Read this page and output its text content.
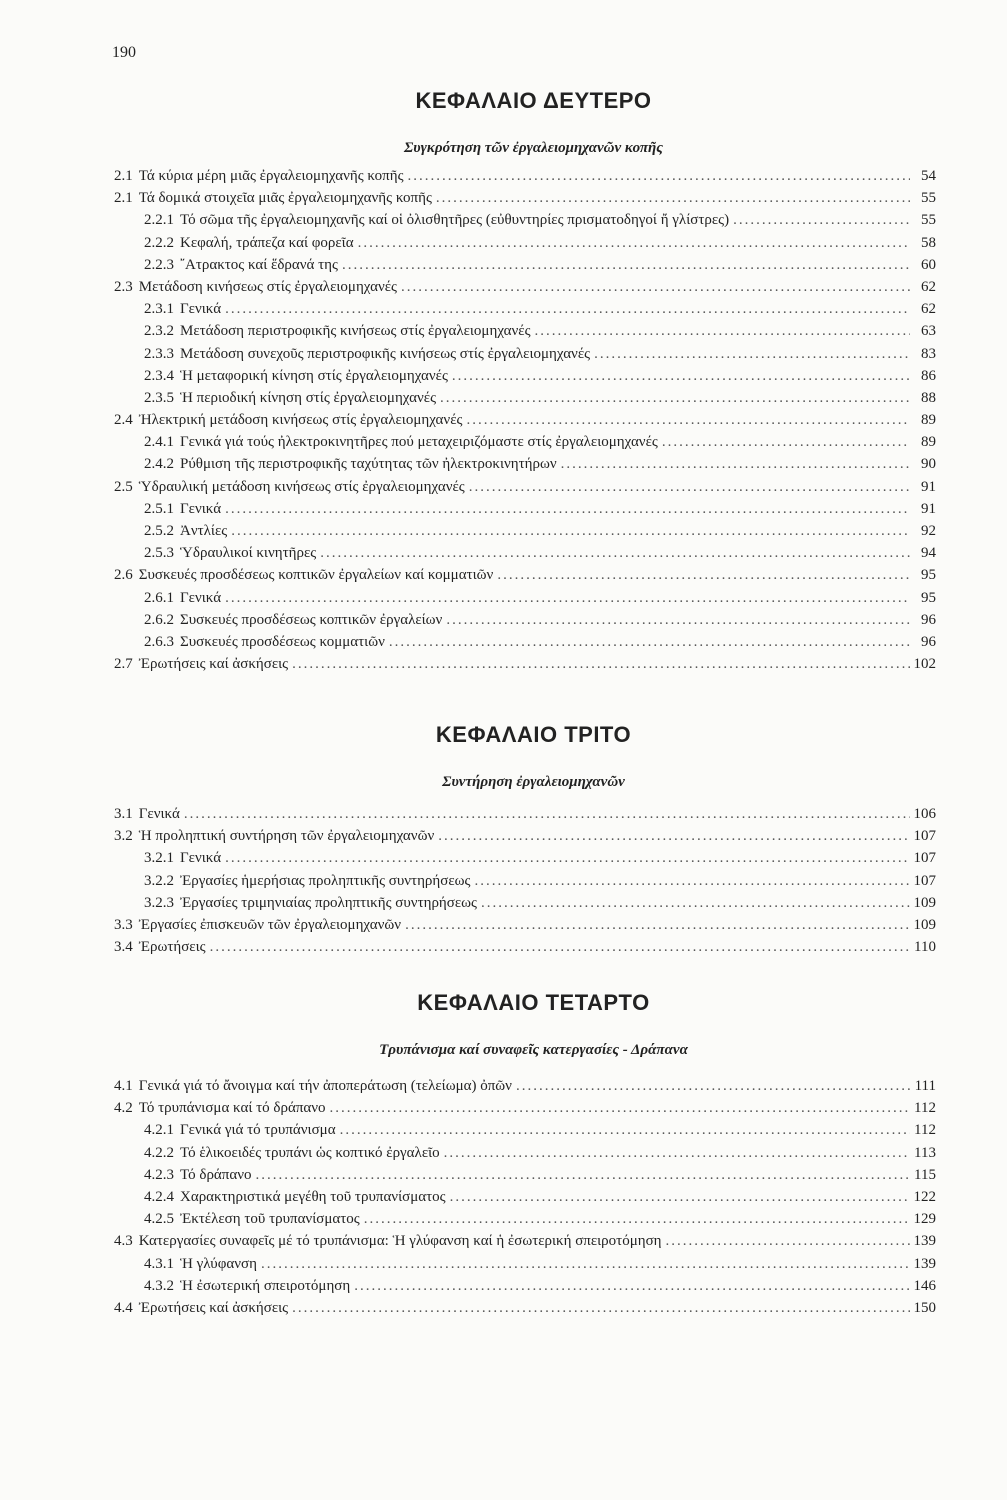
190
ΚΕΦΑΛΑΙΟ ΔΕΥΤΕΡΟ
Συγκρότηση τῶν ἐργαλειομηχανῶν κοπῆς
2.1 Τά κύρια μέρη μιᾶς ἐργαλειομηχανῆς κοπῆς .....	54
2.1 Τά δομικά στοιχεῖα μιᾶς ἐργαλειομηχανῆς κοπῆς .....	55
2.2.1 Τό σῶμα τῆς ἐργαλειομηχανῆς καί οἱ ὀλισθητῆρες (εὐθυντηρίες πρισματοδηγοί ἤ γλίστρες) .....	55
2.2.2 Κεφαλή, τράπεζα καί φορεῖα .....	58
2.2.3 ῎Ατρακτος καί ἕδρανά της .....	60
2.3 Μετάδοση κινήσεως στίς ἐργαλειομηχανές .....	62
2.3.1 Γενικά .....	62
2.3.2 Μετάδοση περιστροφικῆς κινήσεως στίς ἐργαλειομηχανές .....	63
2.3.3 Μετάδοση συνεχοῦς περιστροφικῆς κινήσεως στίς ἐργαλειομηχανές .....	83
2.3.4 Ἡ μεταφορική κίνηση στίς ἐργαλειομηχανές .....	86
2.3.5 Ἡ περιοδική κίνηση στίς ἐργαλειομηχανές .....	88
2.4 Ἠλεκτρική μετάδοση κινήσεως στίς ἐργαλειομηχανές .....	89
2.4.1 Γενικά γιά τούς ἠλεκτροκινητῆρες πού μεταχειριζόμαστε στίς ἐργαλειομηχανές .....	89
2.4.2 Ρύθμιση τῆς περιστροφικῆς ταχύτητας τῶν ἠλεκτροκινητήρων .....	90
2.5 Ὑδραυλική μετάδοση κινήσεως στίς ἐργαλειομηχανές .....	91
2.5.1 Γενικά .....	91
2.5.2 Ἀντλίες .....	92
2.5.3 Ὑδραυλικοί κινητῆρες .....	94
2.6 Συσκευές προσδέσεως κοπτικῶν ἐργαλείων καί κομματιῶν .....	95
2.6.1 Γενικά .....	95
2.6.2 Συσκευές προσδέσεως κοπτικῶν ἐργαλείων .....	96
2.6.3 Συσκευές προσδέσεως κομματιῶν .....	96
2.7 Ἐρωτήσεις καί ἀσκήσεις .....	102
ΚΕΦΑΛΑΙΟ ΤΡΙΤΟ
Συντήρηση ἐργαλειομηχανῶν
3.1 Γενικά .....	106
3.2 Ἡ προληπτική συντήρηση τῶν ἐργαλειομηχανῶν .....	107
3.2.1 Γενικά .....	107
3.2.2 Ἐργασίες ἡμερήσιας προληπτικῆς συντηρήσεως .....	107
3.2.3 Ἐργασίες τριμηνιαίας προληπτικῆς συντηρήσεως .....	109
3.3 Ἐργασίες ἐπισκευῶν τῶν ἐργαλειομηχανῶν .....	109
3.4 Ἐρωτήσεις .....	110
ΚΕΦΑΛΑΙΟ ΤΕΤΑΡΤΟ
Τρυπάνισμα καί συναφεῖς κατεργασίες - Δράπανα
4.1 Γενικά γιά τό ἄνοιγμα καί τήν ἀποπεράτωση (τελείωμα) ὀπῶν .....	111
4.2 Τό τρυπάνισμα καί τό δράπανο .....	112
4.2.1 Γενικά γιά τό τρυπάνισμα .....	112
4.2.2 Τό ἑλικοειδές τρυπάνι ὡς κοπτικό ἐργαλεῖο .....	113
4.2.3 Τό δράπανο .....	115
4.2.4 Χαρακτηριστικά μεγέθη τοῦ τρυπανίσματος .....	122
4.2.5 Ἐκτέλεση τοῦ τρυπανίσματος .....	129
4.3 Κατεργασίες συναφεῖς μέ τό τρυπάνισμα: Ἡ γλύφανση καί ἡ ἐσωτερική σπειροτόμηση .....	139
4.3.1 Ἡ γλύφανση .....	139
4.3.2 Ἡ ἐσωτερική σπειροτόμηση .....	146
4.4 Ἐρωτήσεις καί ἀσκήσεις .....	150
